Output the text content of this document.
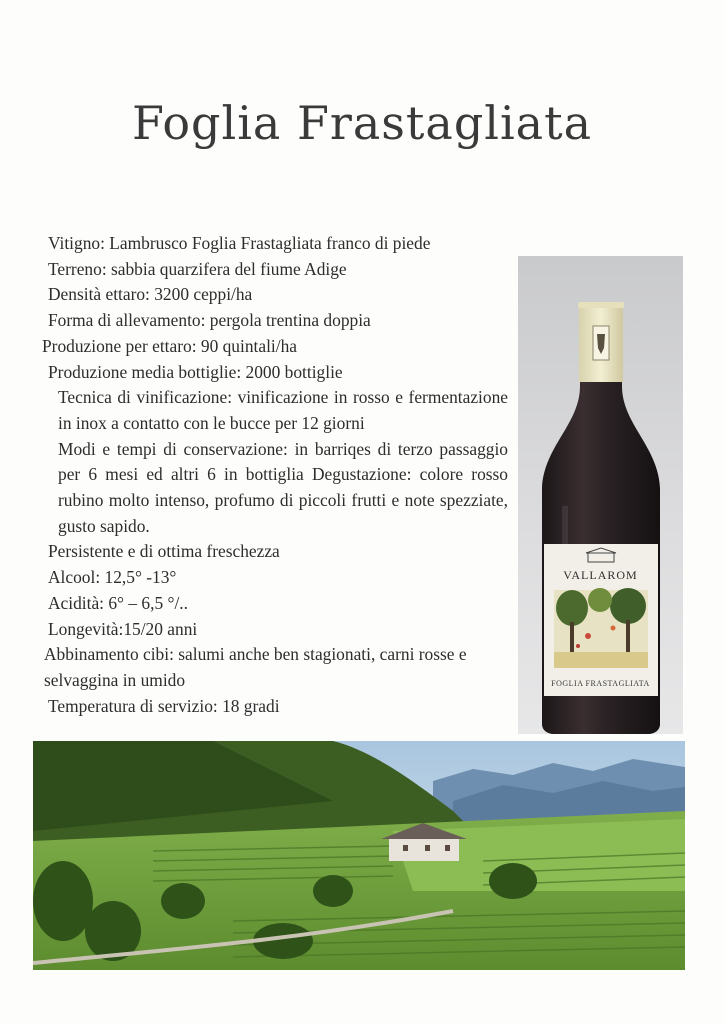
Foglia Frastagliata

Vitigno: Lambrusco Foglia Frastagliata franco di piede

Terreno: sabbia quarzifera del fiume Adige

Densità ettaro: 3200 ceppi/ha

Forma di allevamento: pergola trentina doppia

Produzione per ettaro: 90 quintali/ha

Produzione media bottiglie: 2000 bottiglie

Tecnica di vinificazione: vinificazione in rosso e fermentazione in inox a contatto con le bucce per 12 giorni

Modi e tempi di conservazione: in barriqes di terzo passaggio per 6 mesi ed altri 6 in bottiglia Degustazione: colore rosso rubino molto intenso, profumo di piccoli frutti e note spezziate, gusto sapido.

Persistente e di ottima freschezza

Alcool: 12,5° -13°

Acidità: 6° – 6,5 °/..

Longevità:15/20 anni

Abbinamento cibi: salumi anche ben stagionati, carni rosse e selvaggina in umido

Temperatura di servizio: 18 gradi

VALLAROM
FOGLIA FRASTAGLIATA
